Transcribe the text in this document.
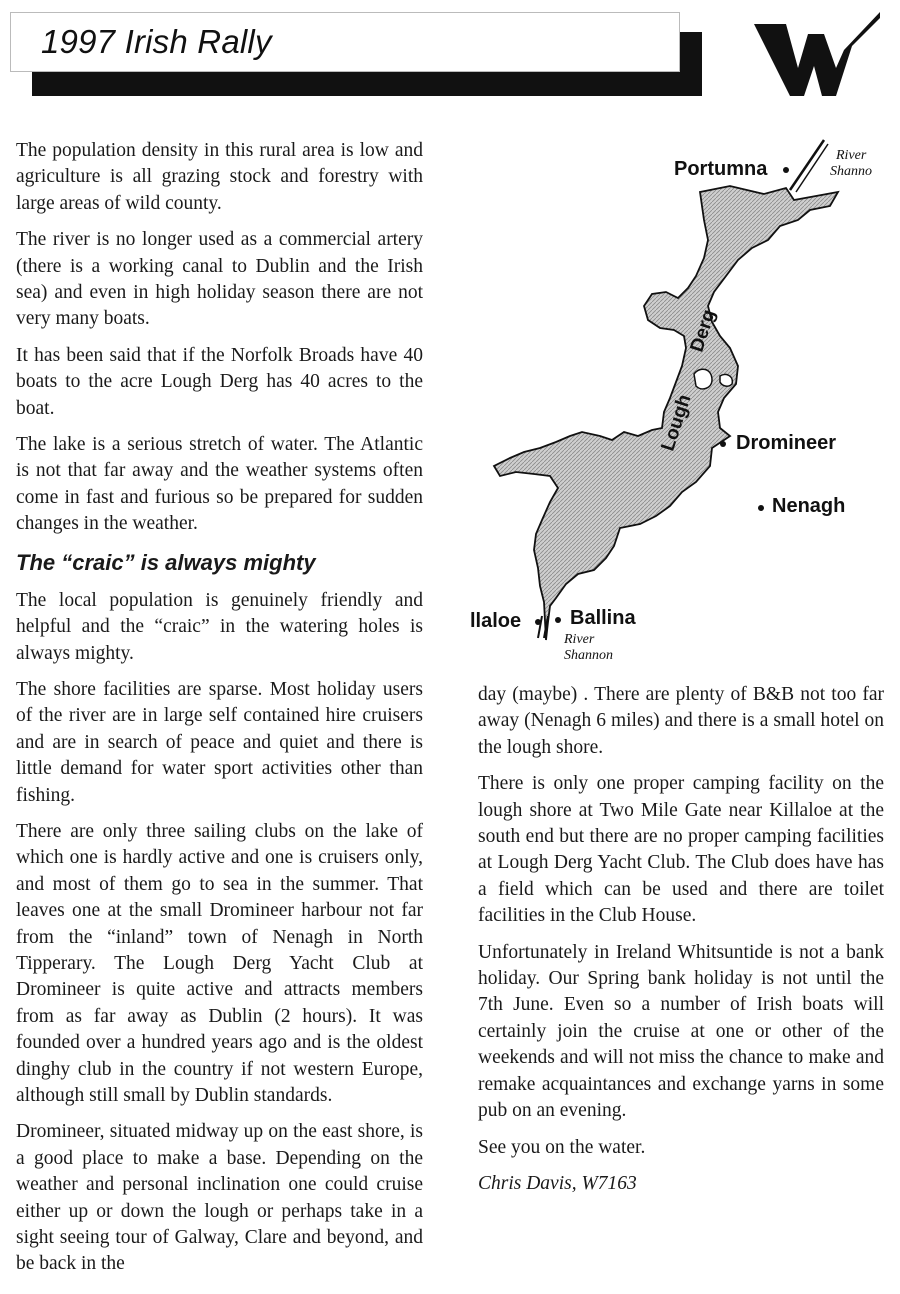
1997 Irish Rally

The population density in this rural area is low and agriculture is all grazing stock and forestry with large areas of wild county.

The river is no longer used as a commercial artery (there is a working canal to Dublin and the Irish sea) and even in high holiday season there are not very many boats.

It has been said that if the Norfolk Broads have 40 boats to the acre Lough Derg has 40 acres to the boat.

The lake is a serious stretch of water. The Atlantic is not that far away and the weather systems often come in fast and furious so be prepared for sudden changes in the weather.

The “craic” is always mighty

The local population is genuinely friendly and helpful and the “craic” in the watering holes is always mighty.

The shore facilities are sparse. Most holiday users of the river are in large self contained hire cruisers and are in search of peace and quiet and there is little demand for water sport activities other than fishing.

There are only three sailing clubs on the lake of which one is hardly active and one is cruisers only, and most of them go to sea in the summer. That leaves one at the small Dromineer harbour not far from the “inland” town of Nenagh in North Tipperary. The Lough Derg Yacht Club at Dromineer is quite active and attracts members from as far away as Dublin (2 hours). It was founded over a hundred years ago and is the oldest dinghy club in the country if not western Europe, although still small by Dublin standards.

Dromineer, situated midway up on the east shore, is a good place to make a base. Depending on the weather and personal inclination one could cruise either up or down the lough or perhaps take in a sight seeing tour of Galway, Clare and beyond, and be back in the

Lough
Derg
Portumna
Dromineer
Nenagh
Ballina
llaloe
River
Shanno
River
Shannon

day (maybe) . There are plenty of B&B not too far away (Nenagh 6 miles) and there is a small hotel on the lough shore.

There is only one proper camping facility on the lough shore at Two Mile Gate near Killaloe at the south end but there are no proper camping facilities at Lough Derg Yacht Club. The Club does have has a field which can be used and there are toilet facilities in the Club House.

Unfortunately in Ireland Whitsuntide is not a bank holiday. Our Spring bank holiday is not until the 7th June. Even so a number of Irish boats will certainly join the cruise at one or other of the weekends and will not miss the chance to make and remake acquaintances and exchange yarns in some pub on an evening.

See you on the water.

Chris Davis, W7163
